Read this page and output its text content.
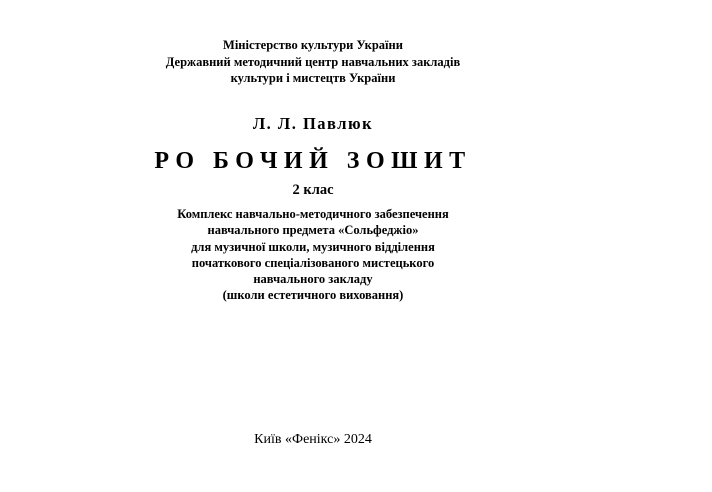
Міністерство культури України
Державний методичний центр навчальних закладів
культури і мистецтв України
Л. Л. Павлюк
РО БОЧИЙ ЗОШИТ
2 клас
Комплекс навчально-методичного забезпечення
навчального предмета «Сольфеджіо»
для музичної школи, музичного відділення
початкового спеціалізованого мистецького
навчального закладу
(школи естетичного виховання)
Київ «Фенікс» 2024
